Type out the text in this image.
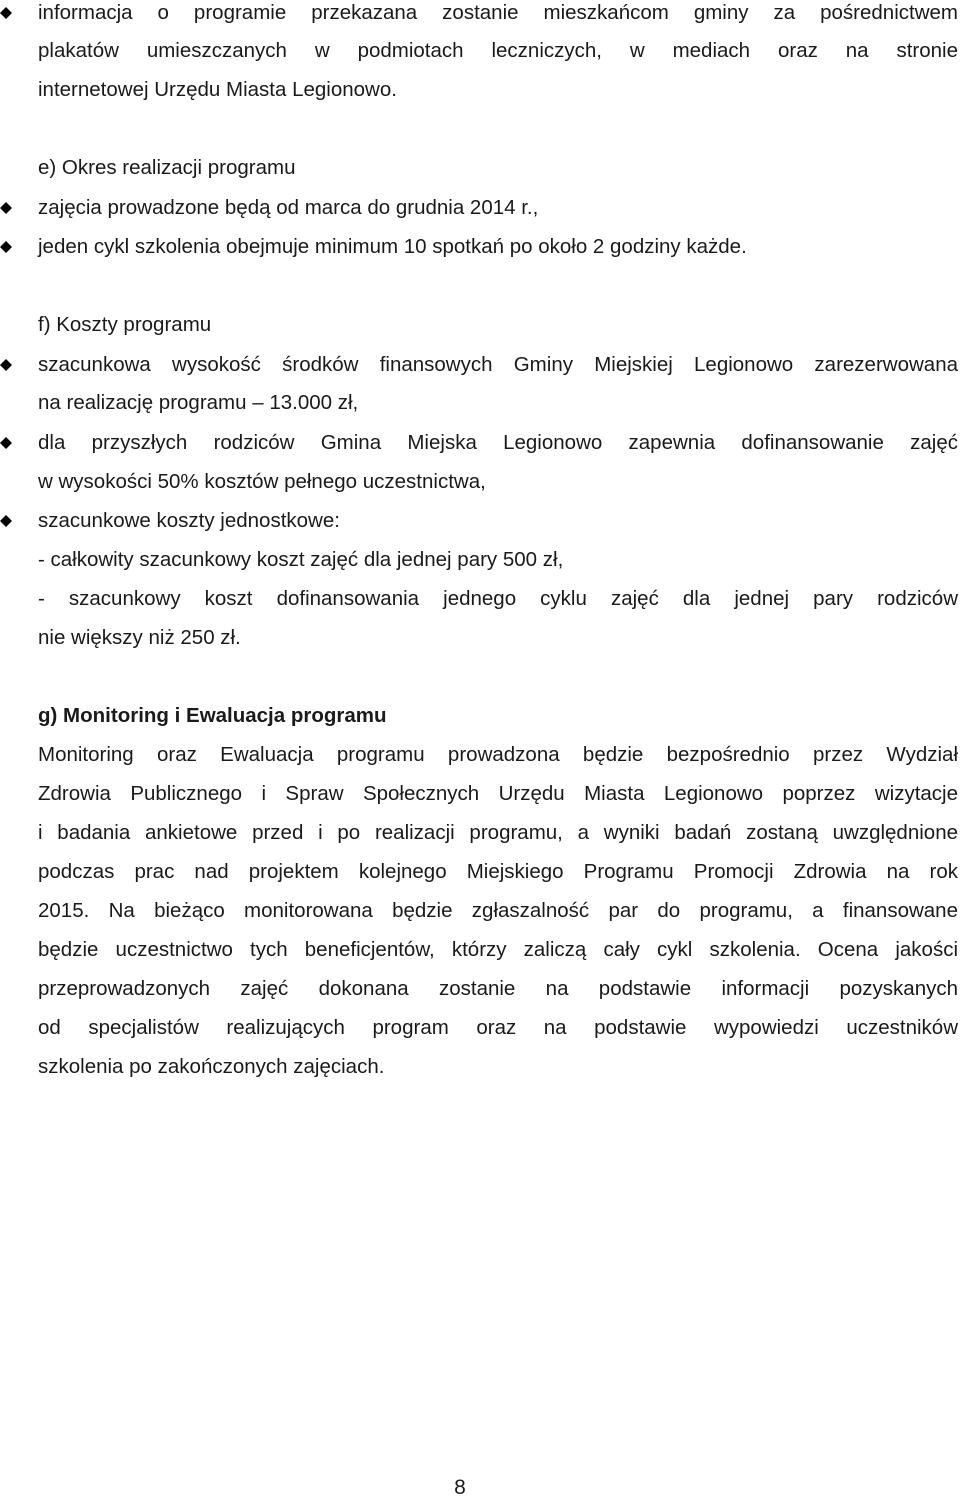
informacja o programie przekazana zostanie mieszkańcom gminy za pośrednictwem
plakatów umieszczanych w podmiotach leczniczych, w mediach oraz na stronie
internetowej Urzędu Miasta Legionowo.
e) Okres realizacji programu
zajęcia prowadzone będą od marca do grudnia 2014 r.,
jeden cykl szkolenia obejmuje minimum 10 spotkań po około 2 godziny każde.
f) Koszty programu
szacunkowa wysokość środków finansowych Gminy Miejskiej Legionowo zarezerwowana
na realizację programu – 13.000 zł,
dla przyszłych rodziców Gmina Miejska Legionowo zapewnia dofinansowanie zajęć
w wysokości 50% kosztów pełnego uczestnictwa,
szacunkowe koszty jednostkowe:
- całkowity szacunkowy koszt zajęć dla jednej pary 500 zł,
- szacunkowy koszt dofinansowania jednego cyklu zajęć dla jednej pary rodziców
nie większy niż 250 zł.
g) Monitoring i Ewaluacja programu
Monitoring oraz Ewaluacja programu prowadzona będzie bezpośrednio przez Wydział
Zdrowia Publicznego i Spraw Społecznych Urzędu Miasta Legionowo poprzez wizytacje
i badania ankietowe przed i po realizacji programu, a wyniki badań zostaną uwzględnione
podczas prac nad projektem kolejnego Miejskiego Programu Promocji Zdrowia na rok
2015. Na bieżąco monitorowana będzie zgłaszalność par do programu, a finansowane
będzie uczestnictwo tych beneficjentów, którzy zaliczą cały cykl szkolenia. Ocena jakości
przeprowadzonych zajęć dokonana zostanie na podstawie informacji pozyskanych
od specjalistów realizujących program oraz na podstawie wypowiedzi uczestników
szkolenia po zakończonych zajęciach.
8
